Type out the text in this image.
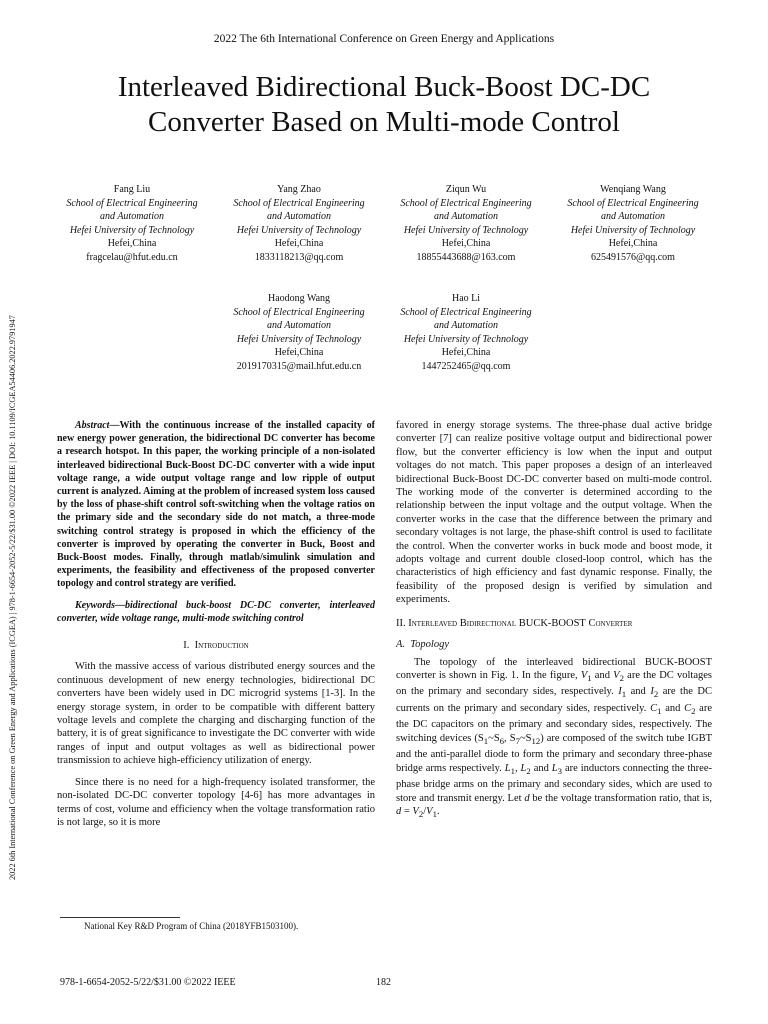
2022 The 6th International Conference on Green Energy and Applications
Interleaved Bidirectional Buck-Boost DC-DC
Converter Based on Multi-mode Control
Fang Liu
School of Electrical Engineering
and Automation
Hefei University of Technology
Hefei,China
fragcelau@hfut.edu.cn
Yang Zhao
School of Electrical Engineering
and Automation
Hefei University of Technology
Hefei,China
1833118213@qq.com
Ziqun Wu
School of Electrical Engineering
and Automation
Hefei University of Technology
Hefei,China
18855443688@163.com
Wenqiang Wang
School of Electrical Engineering
and Automation
Hefei University of Technology
Hefei,China
625491576@qq.com
Haodong Wang
School of Electrical Engineering
and Automation
Hefei University of Technology
Hefei,China
2019170315@mail.hfut.edu.cn
Hao Li
School of Electrical Engineering
and Automation
Hefei University of Technology
Hefei,China
1447252465@qq.com
2022 6th International Conference on Green Energy and Applications (ICGEA) | 978-1-6654-2052-5/22/$31.00 ©2022 IEEE | DOI: 10.1109/ICGEA54406.2022.9791947	Abstract—With the continuous increase of the installed capacity of new energy power generation, the bidirectional DC converter has become a research hotspot. In this paper, the working principle of a non-isolated interleaved bidirectional Buck-Boost DC-DC converter with a wide input voltage range, a wide output voltage range and low ripple of output current is analyzed. Aiming at the problem of increased system loss caused by the loss of phase-shift control soft-switching when the voltage ratios on the primary side and the secondary side do not match, a three-mode switching control strategy is proposed in which the efficiency of the converter is improved by operating the converter in Buck, Boost and Buck-Boost modes. Finally, through matlab/simulink simulation and experiments, the feasibility and effectiveness of the proposed converter topology and control strategy are verified.
Keywords—bidirectional buck-boost DC-DC converter, interleaved converter, wide voltage range, multi-mode switching control
I. Introduction

With the massive access of various distributed energy sources and the continuous development of new energy technologies, bidirectional DC converters have been widely used in DC microgrid systems [1-3]. In the energy storage system, in order to be compatible with different battery voltage levels and complete the charging and discharging function of the battery, it is of great significance to investigate the DC converter with wide ranges of input and output voltages as well as bidirectional power transmission to achieve high-efficiency utilization of energy.

Since there is no need for a high-frequency isolated transformer, the non-isolated DC-DC converter topology [4-6] has more advantages in terms of cost, volume and efficiency when the voltage transformation ratio is not large, so it is more

favored in energy storage systems. The three-phase dual active bridge converter [7] can realize positive voltage output and bidirectional power flow, but the converter efficiency is low when the input and output voltages do not match. This paper proposes a design of an interleaved bidirectional Buck-Boost DC-DC converter based on multi-mode control. The working mode of the converter is determined according to the relationship between the input voltage and the output voltage. When the converter works in the case that the difference between the primary and secondary voltages is not large, the phase-shift control is used to facilitate the control. When the converter works in buck mode and boost mode, it adopts voltage and current double closed-loop control, which has the characteristics of high efficiency and fast dynamic response. Finally, the feasibility of the proposed design is verified by simulation and experiments.

II. Interleaved Bidirectional BUCK-BOOST Converter
A. Topology

The topology of the interleaved bidirectional BUCK-BOOST converter is shown in Fig. 1. In the figure, $V_1$ and $V_2$ are the DC voltages on the primary and secondary sides, respectively. $I_1$ and $I_2$ are the DC currents on the primary and secondary sides, respectively. $C_1$ and $C_2$ are the DC capacitors on the primary and secondary sides, respectively. The switching devices ($S_1\sim S_6$, $S_7\sim S_{12}$) are composed of the switch tube IGBT and the anti-parallel diode to form the primary and secondary three-phase bridge arms respectively. $L_1$, $L_2$ and $L_3$ are inductors connecting the three-phase bridge arms on the primary and secondary sides, which are used to store and transmit energy. Let d be the voltage transformation ratio, that is, $d = V_2/V_1$.

National Key R&D Program of China (2018YFB1503100).
978-1-6654-2052-5/22/$31.00 ©2022 IEEE	182
